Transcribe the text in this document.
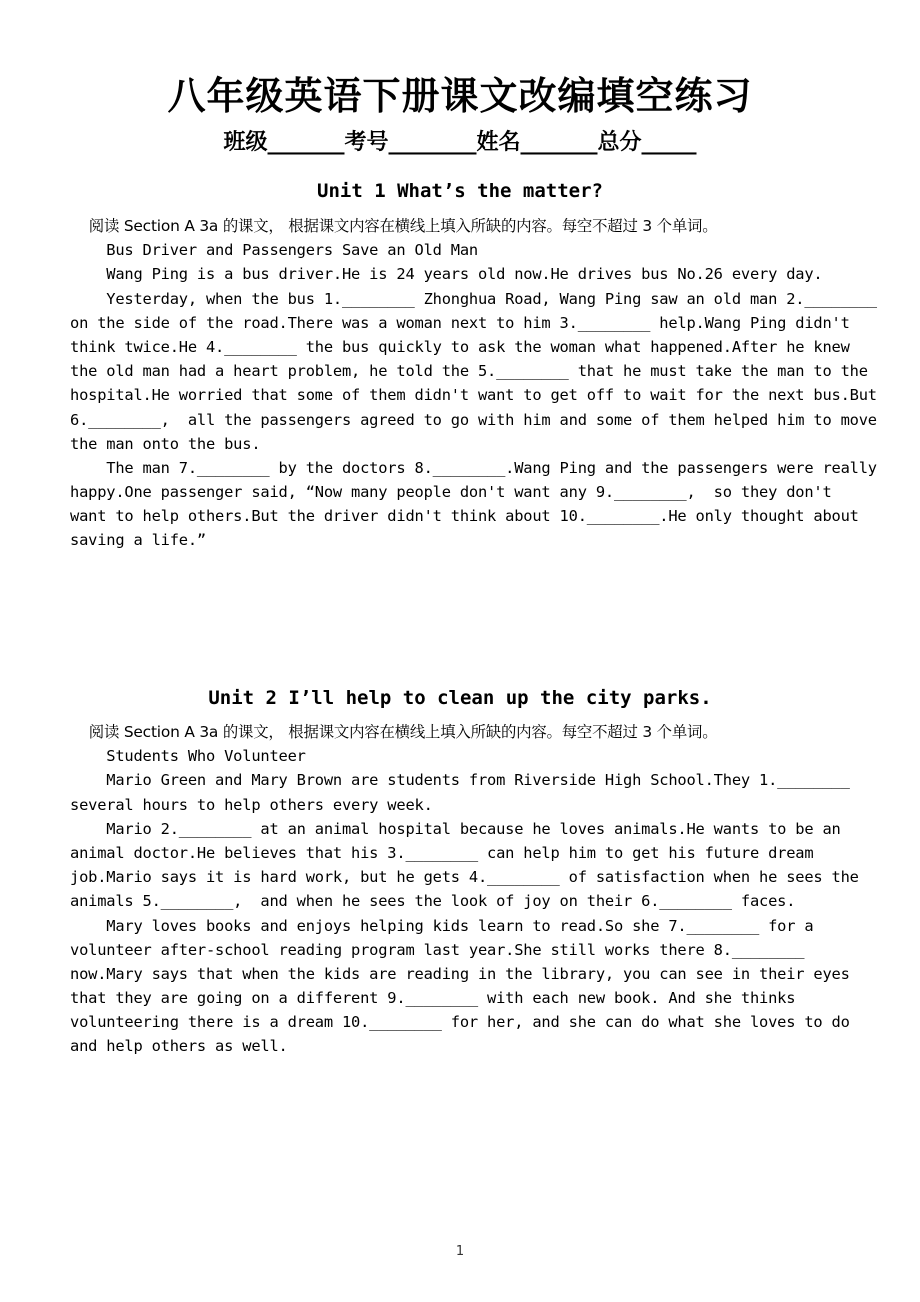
八年级英语下册课文改编填空练习
班级_______考号________姓名_______总分_____
Unit 1 What’s the matter?
阅读 Section A 3a 的课文， 根据课文内容在横线上填入所缺的内容。每空不超过 3 个单词。
Bus Driver and Passengers Save an Old Man
Wang Ping is a bus driver.He is 24 years old now.He drives bus No.26 every day.
Yesterday, when the bus 1.________ Zhonghua Road, Wang Ping saw an old man 2.________
on the side of the road.There was a woman next to him 3.________ help.Wang Ping didn't
think twice.He 4.________ the bus quickly to ask the woman what happened.After he knew
the old man had a heart problem, he told the 5.________ that he must take the man to the
hospital.He worried that some of them didn't want to get off to wait for the next bus.But
6.________,  all the passengers agreed to go with him and some of them helped him to move
the man onto the bus.
The man 7.________ by the doctors 8.________.Wang Ping and the passengers were really
happy.One passenger said, “Now many people don't want any 9.________,  so they don't
want to help others.But the driver didn't think about 10.________.He only thought about
saving a life.”
Unit 2 I’ll help to clean up the city parks.
阅读 Section A 3a 的课文， 根据课文内容在横线上填入所缺的内容。每空不超过 3 个单词。
Students Who Volunteer
Mario Green and Mary Brown are students from Riverside High School.They 1.________
several hours to help others every week.
Mario 2.________ at an animal hospital because he loves animals.He wants to be an
animal doctor.He believes that his 3.________ can help him to get his future dream
job.Mario says it is hard work, but he gets 4.________ of satisfaction when he sees the
animals 5.________,  and when he sees the look of joy on their 6.________ faces.
Mary loves books and enjoys helping kids learn to read.So she 7.________ for a
volunteer after-school reading program last year.She still works there 8.________
now.Mary says that when the kids are reading in the library, you can see in their eyes
that they are going on a different 9.________ with each new book. And she thinks
volunteering there is a dream 10.________ for her, and she can do what she loves to do
and help others as well.
1
